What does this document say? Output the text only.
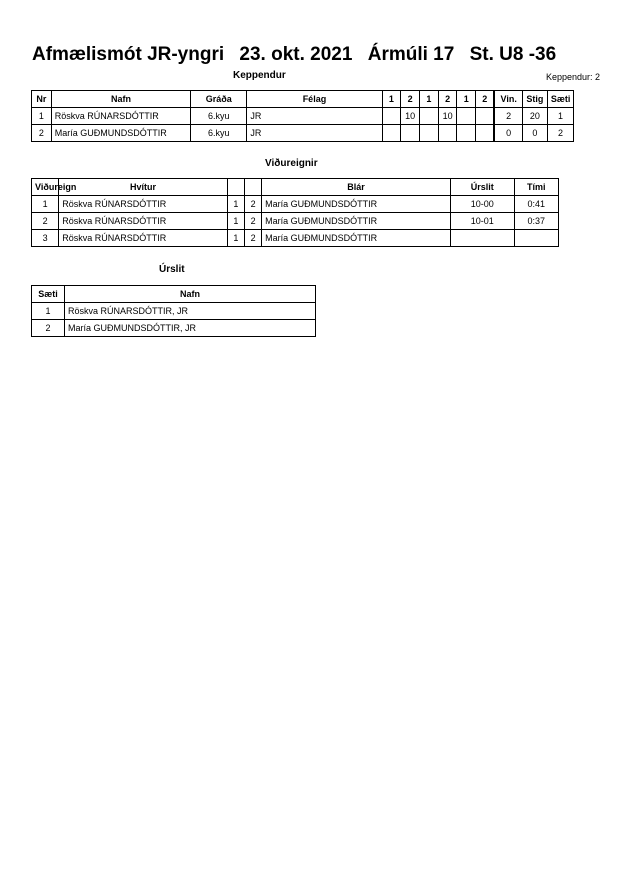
Afmælismót JR-yngri 23. okt. 2021 Ármúli 17 St. U8 -36
Keppendur	Keppendur: 2
Nr	Nafn	Gráða	Félag	1	2	1	2	1	2	Vin.	Stig	Sæti
1	Röskva RÚNARSDÓTTIR	6.kyu	JR		10		10			2	20	1
2	María GUÐMUNDSDÓTTIR	6.kyu	JR							0	0	2
Viðureignir
Viðureign	Hvítur			Blár	Úrslit	Tími
1	Röskva RÚNARSDÓTTIR	1	2	María GUÐMUNDSDÓTTIR	10-00	0:41
2	Röskva RÚNARSDÓTTIR	1	2	María GUÐMUNDSDÓTTIR	10-01	0:37
3	Röskva RÚNARSDÓTTIR	1	2	María GUÐMUNDSDÓTTIR		
Úrslit
Sæti	Nafn
1	Röskva RÚNARSDÓTTIR, JR
2	María GUÐMUNDSDÓTTIR, JR
